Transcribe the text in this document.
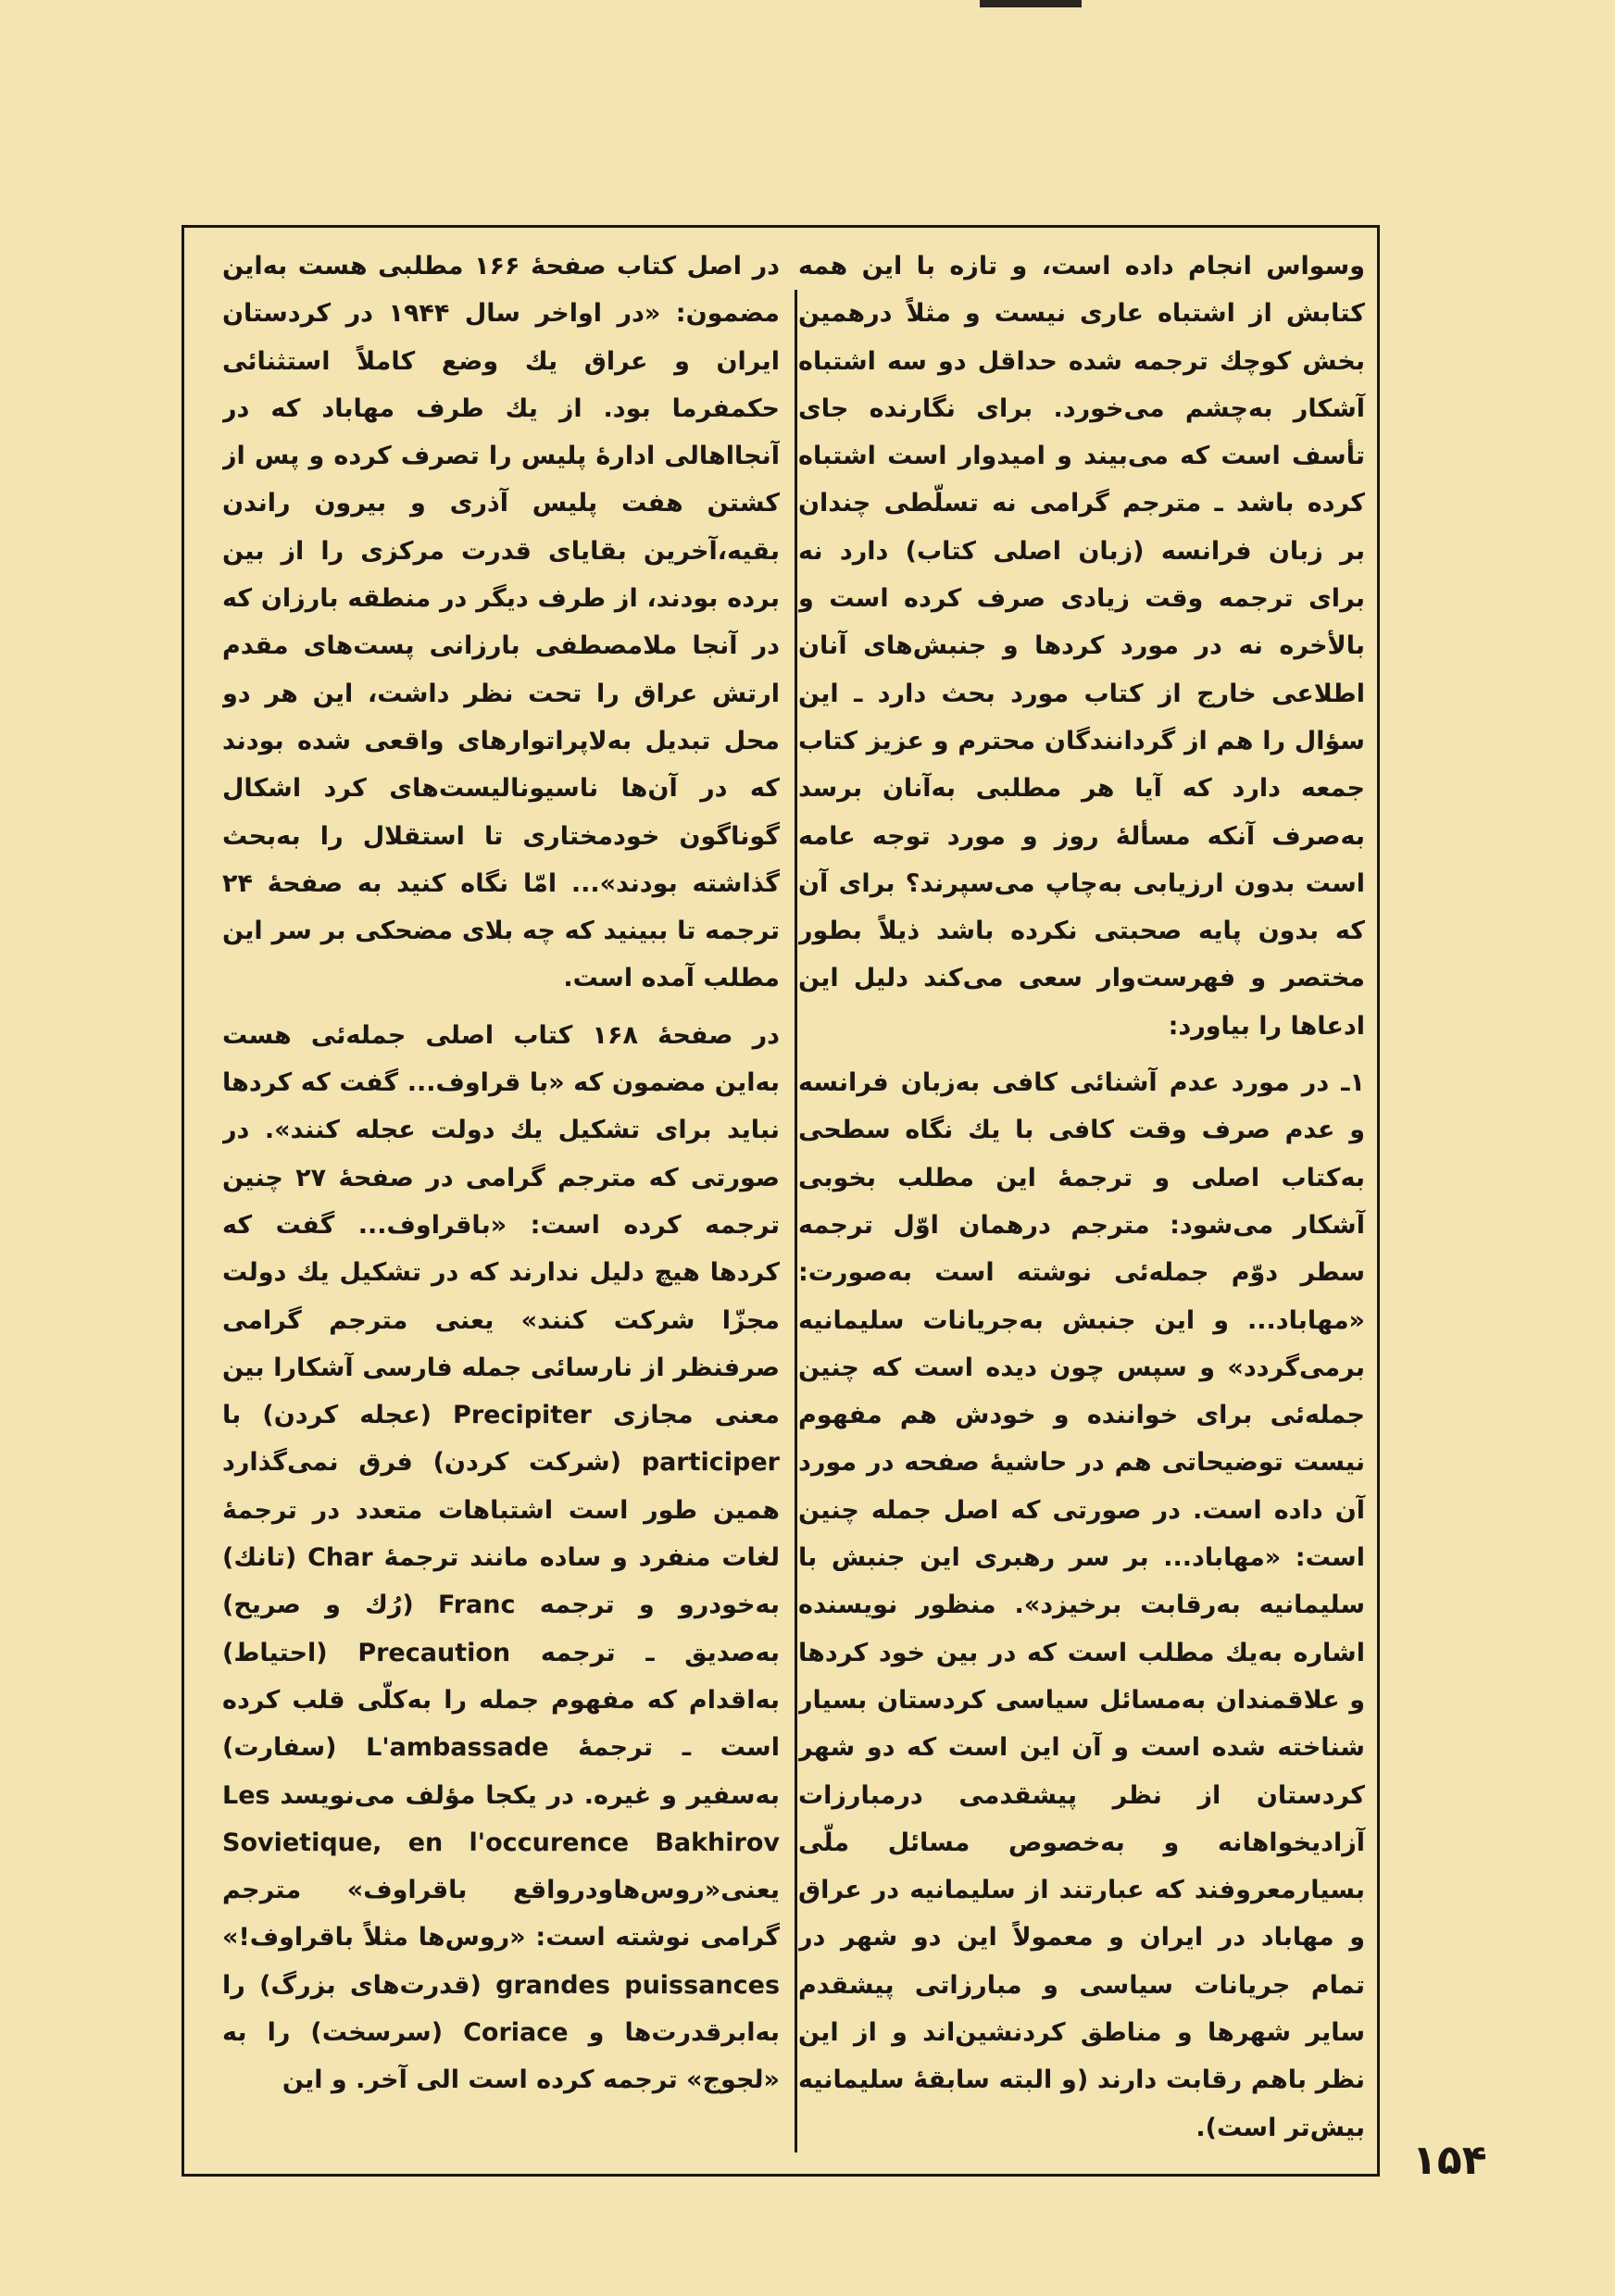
وسواس انجام داده است، و تازه با این همه کتابش از اشتباه عاری نیست و مثلاً درهمین بخش کوچك ترجمه شده حداقل دو سه اشتباه آشکار به‌چشم می‌خورد. برای نگارنده جای تأسف است که می‌بیند و امیدوار است اشتباه کرده باشد ـ مترجم گرامی نه تسلّطی چندان بر زبان فرانسه (زبان اصلی کتاب) دارد نه برای ترجمه وقت زیادی صرف کرده است و بالأخره نه در مورد کردها و جنبش‌های آنان اطلاعی خارج از کتاب مورد بحث دارد ـ این سؤال را هم از گردانندگان محترم و عزیز کتاب جمعه دارد که آیا هر مطلبی به‌آنان برسد به‌صرف آنکه مسألهٔ روز و مورد توجه عامه است بدون ارزیابی به‌چاپ می‌سپرند؟ برای آن که بدون پایه صحبتی نکرده باشد ذیلاً بطور مختصر و فهرست‌وار سعی می‌کند دلیل این ادعاها را بیاورد:

۱ـ در مورد عدم آشنائی کافی به‌زبان فرانسه و عدم صرف وقت کافی با یك نگاه سطحی به‌کتاب اصلی و ترجمهٔ این مطلب بخوبی آشکار می‌شود: مترجم درهمان اوّل ترجمه سطر دوّم جمله‌ئی نوشته است به‌صورت: «مهاباد... و این جنبش به‌جریانات سلیمانیه برمی‌گردد» و سپس چون دیده است که چنین جمله‌ئی برای خواننده و خودش هم مفهوم نیست توضیحاتی هم در حاشیهٔ صفحه در مورد آن داده است. در صورتی که اصل جمله چنین است: «مهاباد... بر سر رهبری این جنبش با سلیمانیه به‌رقابت برخیزد». منظور نویسنده اشاره به‌یك مطلب است که در بین خود کردها و علاقمندان به‌مسائل سیاسی کردستان بسیار شناخته شده است و آن این است که دو شهر کردستان از نظر پیشقدمی درمبارزات آزادیخواهانه و به‌خصوص مسائل ملّی بسیارمعروفند که عبارتند از سلیمانیه در عراق و مهاباد در ایران و معمولاً این دو شهر در تمام جریانات سیاسی و مبارزاتی پیشقدم سایر شهرها و مناطق کردنشین‌اند و از این نظر باهم رقابت دارند (و البته سابقهٔ سلیمانیه بیش‌تر است).

در اصل کتاب صفحهٔ ۱۶۶ مطلبی هست به‌این مضمون: «در اواخر سال ۱۹۴۴ در کردستان ایران و عراق یك وضع کاملاً استثنائی حکمفرما بود. از یك طرف مهاباد که در آنجااهالی ادارهٔ پلیس را تصرف کرده و پس از کشتن هفت پلیس آذری و بیرون راندن بقیه،آخرین بقایای قدرت مرکزی را از بین برده بودند، از طرف دیگر در منطقه بارزان که در آنجا ملامصطفی بارزانی پست‌های مقدم ارتش عراق را تحت نظر داشت، این هر دو محل تبدیل به‌لاپراتوارهای واقعی شده بودند که در آن‌ها ناسیونالیست‌های کرد اشکال گوناگون خودمختاری تا استقلال را به‌بحث گذاشته بودند»... امّا نگاه کنید به صفحهٔ ۲۴ ترجمه تا ببینید که چه بلای مضحکی بر سر این مطلب آمده است.

در صفحهٔ ۱۶۸ کتاب اصلی جمله‌ئی هست به‌این مضمون که «با قراوف... گفت که کردها نباید برای تشکیل یك دولت عجله کنند». در صورتی که مترجم گرامی در صفحهٔ ۲۷ چنین ترجمه کرده است: «باقراوف... گفت که کردها هیچ دلیل ندارند که در تشکیل یك دولت مجزّا شرکت کنند» یعنی مترجم گرامی صرفنظر از نارسائی جمله فارسی آشکارا بین معنی مجازی Precipiter (عجله کردن) با participer (شرکت کردن) فرق نمی‌گذارد همین طور است اشتباهات متعدد در ترجمهٔ لغات منفرد و ساده مانند ترجمهٔ Char (تانك) به‌خودرو و ترجمه Franc (رُك و صریح) به‌صدیق ـ ترجمه Precaution (احتیاط) به‌اقدام که مفهوم جمله را به‌کلّی قلب کرده است ـ ترجمهٔ L'ambassade (سفارت) به‌سفیر و غیره. در یکجا مؤلف می‌نویسد Les Sovietique, en l'occurence Bakhirov یعنی«روس‌هاودرواقع باقراوف» مترجم گرامی نوشته است: «روس‌ها مثلاً باقراوف!» grandes puissances (قدرت‌های بزرگ) را به‌ابرقدرت‌ها و Coriace (سرسخت) را به «لجوج» ترجمه کرده است الی آخر. و این

۱۵۴
